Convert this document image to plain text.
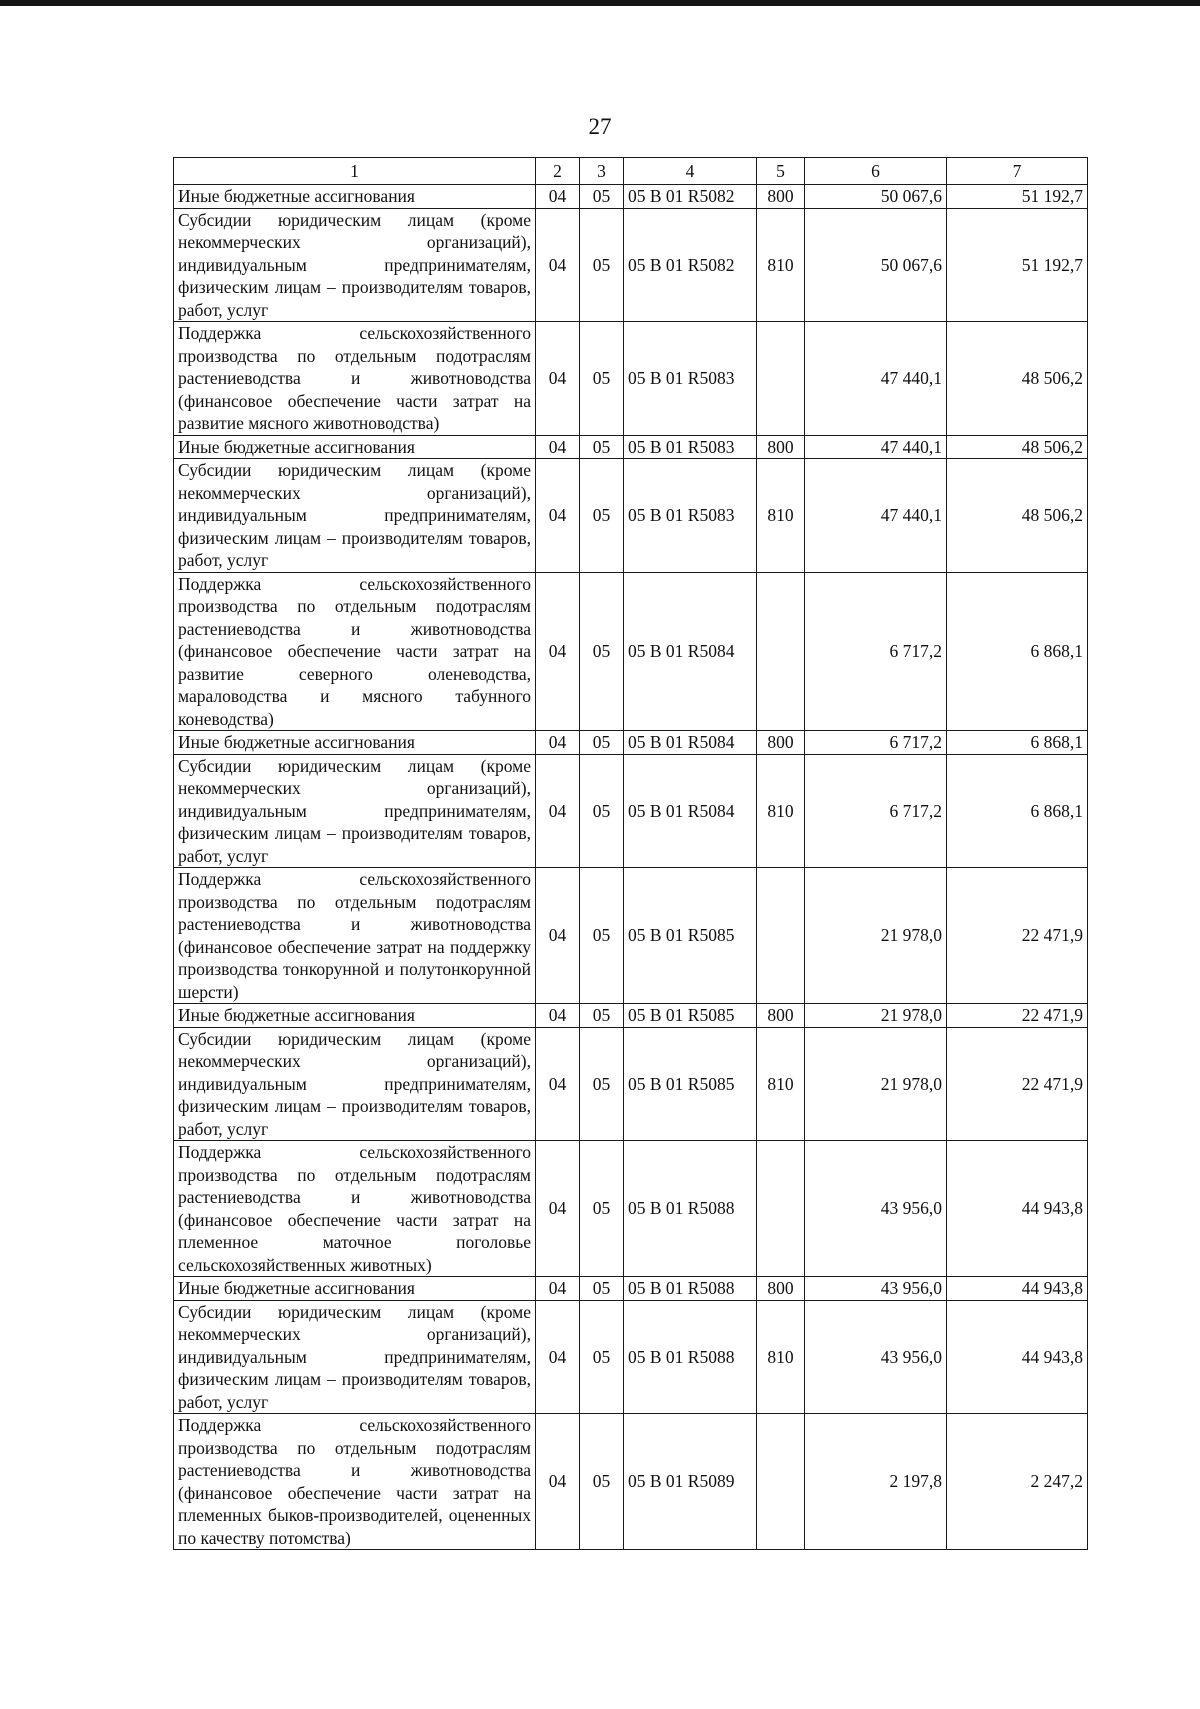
27
1	2	3	4	5	6	7
Иные бюджетные ассигнования	04	05	05 В 01 R5082	800	50 067,6	51 192,7
Субсидии юридическим лицам (кроме некоммерческих организаций), индивидуальным предпринимателям, физическим лицам – производителям товаров, работ, услуг	04	05	05 В 01 R5082	810	50 067,6	51 192,7
Поддержка сельскохозяйственного производства по отдельным подотраслям растениеводства и животноводства (финансовое обеспечение части затрат на развитие мясного животноводства)	04	05	05 В 01 R5083		47 440,1	48 506,2
Иные бюджетные ассигнования	04	05	05 В 01 R5083	800	47 440,1	48 506,2
Субсидии юридическим лицам (кроме некоммерческих организаций), индивидуальным предпринимателям, физическим лицам – производителям товаров, работ, услуг	04	05	05 В 01 R5083	810	47 440,1	48 506,2
Поддержка сельскохозяйственного производства по отдельным подотраслям растениеводства и животноводства (финансовое обеспечение части затрат на развитие северного оленеводства, мараловодства и мясного табунного коневодства)	04	05	05 В 01 R5084		6 717,2	6 868,1
Иные бюджетные ассигнования	04	05	05 В 01 R5084	800	6 717,2	6 868,1
Субсидии юридическим лицам (кроме некоммерческих организаций), индивидуальным предпринимателям, физическим лицам – производителям товаров, работ, услуг	04	05	05 В 01 R5084	810	6 717,2	6 868,1
Поддержка сельскохозяйственного производства по отдельным подотраслям растениеводства и животноводства (финансовое обеспечение затрат на поддержку производства тонкорунной и полутонкорунной шерсти)	04	05	05 В 01 R5085		21 978,0	22 471,9
Иные бюджетные ассигнования	04	05	05 В 01 R5085	800	21 978,0	22 471,9
Субсидии юридическим лицам (кроме некоммерческих организаций), индивидуальным предпринимателям, физическим лицам – производителям товаров, работ, услуг	04	05	05 В 01 R5085	810	21 978,0	22 471,9
Поддержка сельскохозяйственного производства по отдельным подотраслям растениеводства и животноводства (финансовое обеспечение части затрат на племенное маточное поголовье сельскохозяйственных животных)	04	05	05 В 01 R5088		43 956,0	44 943,8
Иные бюджетные ассигнования	04	05	05 В 01 R5088	800	43 956,0	44 943,8
Субсидии юридическим лицам (кроме некоммерческих организаций), индивидуальным предпринимателям, физическим лицам – производителям товаров, работ, услуг	04	05	05 В 01 R5088	810	43 956,0	44 943,8
Поддержка сельскохозяйственного производства по отдельным подотраслям растениеводства и животноводства (финансовое обеспечение части затрат на племенных быков-производителей, оцененных по качеству потомства)	04	05	05 В 01 R5089		2 197,8	2 247,2
